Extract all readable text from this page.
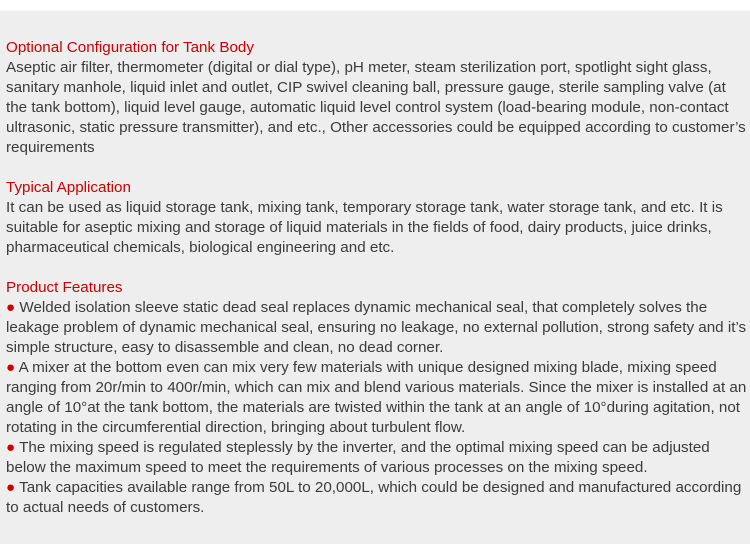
Optional Configuration for Tank Body

Aseptic air filter, thermometer (digital or dial type), pH meter, steam sterilization port, spotlight sight glass, sanitary manhole, liquid inlet and outlet, CIP swivel cleaning ball, pressure gauge, sterile sampling valve (at the tank bottom), liquid level gauge, automatic liquid level control system (load-bearing module, non-contact ultrasonic, static pressure transmitter), and etc., Other accessories could be equipped according to customer’s requirements

Typical Application

It can be used as liquid storage tank, mixing tank, temporary storage tank, water storage tank, and etc. It is suitable for aseptic mixing and storage of liquid materials in the fields of food, dairy products, juice drinks, pharmaceutical chemicals, biological engineering and etc.

Product Features

● Welded isolation sleeve static dead seal replaces dynamic mechanical seal, that completely solves the leakage problem of dynamic mechanical seal, ensuring no leakage, no external pollution, strong safety and it’s simple structure, easy to disassemble and clean, no dead corner.

● A mixer at the bottom even can mix very few materials with unique designed mixing blade, mixing speed ranging from 20r/min to 400r/min, which can mix and blend various materials. Since the mixer is installed at an angle of 10°at the tank bottom, the materials are twisted within the tank at an angle of 10°during agitation, not rotating in the circumferential direction, bringing about turbulent flow.

● The mixing speed is regulated steplessly by the inverter, and the optimal mixing speed can be adjusted below the maximum speed to meet the requirements of various processes on the mixing speed.

● Tank capacities available range from 50L to 20,000L, which could be designed and manufactured according to actual needs of customers.
